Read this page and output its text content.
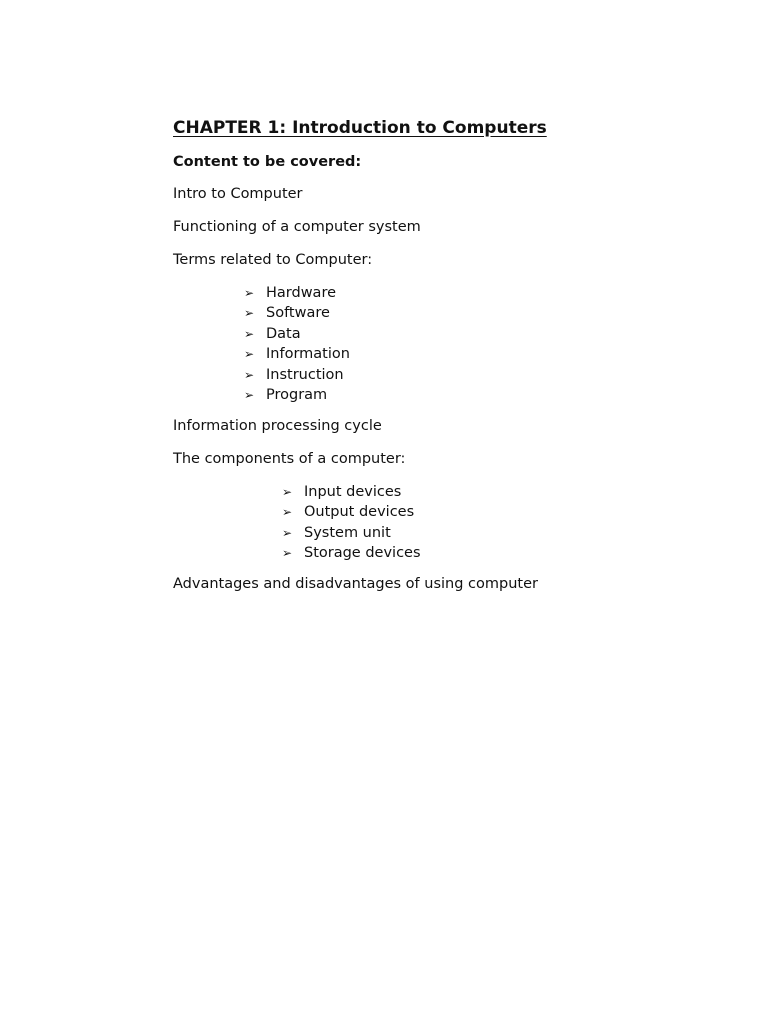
CHAPTER 1: Introduction to Computers

Content to be covered:

Intro to Computer

Functioning of a computer system

Terms related to Computer:

➢ Hardware
➢ Software
➢ Data
➢ Information
➢ Instruction
➢ Program

Information processing cycle

The components of a computer:

➢ Input devices
➢ Output devices
➢ System unit
➢ Storage devices

Advantages and disadvantages of using computer
